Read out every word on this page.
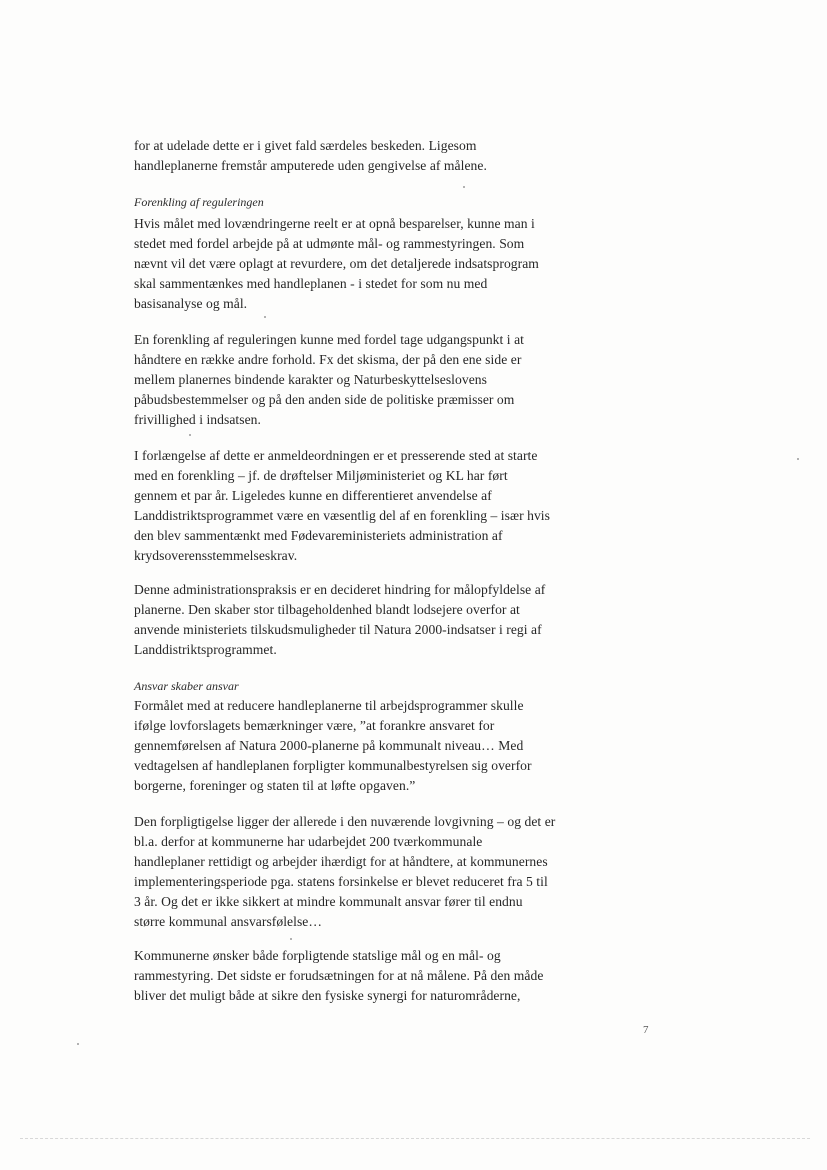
for at udelade dette er i givet fald særdeles beskeden. Ligesom
handleplanerne fremstår amputerede uden gengivelse af målene.
Forenkling af reguleringen
Hvis målet med lovændringerne reelt er at opnå besparelser, kunne man i
stedet med fordel arbejde på at udmønte mål- og rammestyringen. Som
nævnt vil det være oplagt at revurdere, om det detaljerede indsatsprogram
skal sammentænkes med handleplanen - i stedet for som nu med
basisanalyse og mål.
En forenkling af reguleringen kunne med fordel tage udgangspunkt i at
håndtere en række andre forhold. Fx det skisma, der på den ene side er
mellem planernes bindende karakter og Naturbeskyttelseslovens
påbudsbestemmelser og på den anden side de politiske præmisser om
frivillighed i indsatsen.
I forlængelse af dette er anmeldeordningen er et presserende sted at starte
med en forenkling – jf. de drøftelser Miljøministeriet og KL har ført
gennem et par år. Ligeledes kunne en differentieret anvendelse af
Landdistriktsprogrammet være en væsentlig del af en forenkling – især hvis
den blev sammentænkt med Fødevareministeriets administration af
krydsoverensstemmelseskrav.
Denne administrationspraksis er en decideret hindring for målopfyldelse af
planerne. Den skaber stor tilbageholdenhed blandt lodsejere overfor at
anvende ministeriets tilskudsmuligheder til Natura 2000-indsatser i regi af
Landdistriktsprogrammet.
Ansvar skaber ansvar
Formålet med at reducere handleplanerne til arbejdsprogrammer skulle
ifølge lovforslagets bemærkninger være, ”at forankre ansvaret for
gennemførelsen af Natura 2000-planerne på kommunalt niveau… Med
vedtagelsen af handleplanen forpligter kommunalbestyrelsen sig overfor
borgerne, foreninger og staten til at løfte opgaven.”
Den forpligtigelse ligger der allerede i den nuværende lovgivning – og det er
bl.a. derfor at kommunerne har udarbejdet 200 tværkommunale
handleplaner rettidigt og arbejder ihærdigt for at håndtere, at kommunernes
implementeringsperiode pga. statens forsinkelse er blevet reduceret fra 5 til
3 år. Og det er ikke sikkert at mindre kommunalt ansvar fører til endnu
større kommunal ansvarsfølelse…
Kommunerne ønsker både forpligtende statslige mål og en mål- og
rammestyring. Det sidste er forudsætningen for at nå målene. På den måde
bliver det muligt både at sikre den fysiske synergi for naturområderne,
7
